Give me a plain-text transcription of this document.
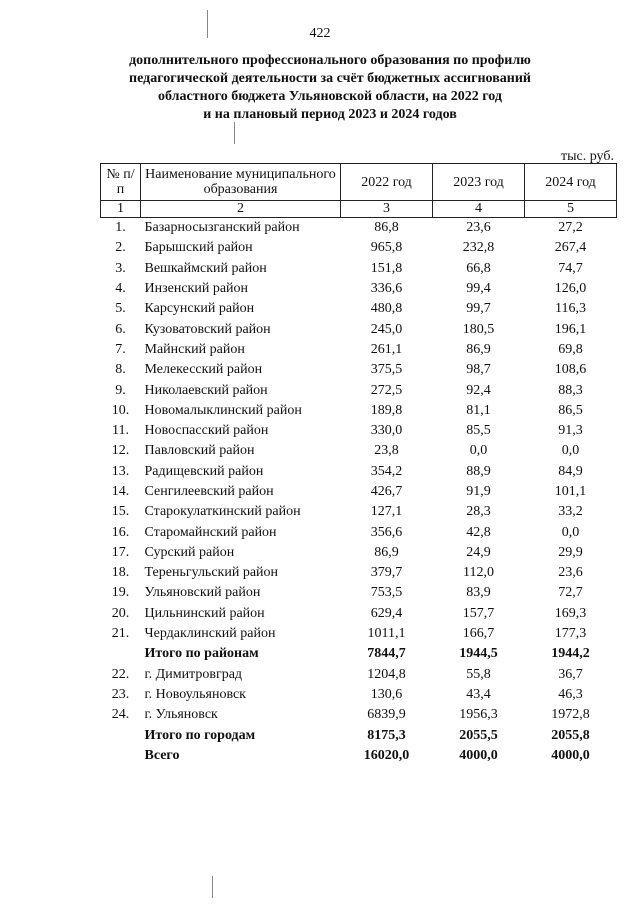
422
дополнительного профессионального образования по профилю
педагогической деятельности за счёт бюджетных ассигнований
областного бюджета Ульяновской области, на 2022 год
и на плановый период 2023 и 2024 годов
тыс. руб.
№ п/п	Наименование муниципального образования	2022 год	2023 год	2024 год
1	2	3	4	5
1.	Базарносызганский район	86,8	23,6	27,2
2.	Барышский район	965,8	232,8	267,4
3.	Вешкаймский район	151,8	66,8	74,7
4.	Инзенский район	336,6	99,4	126,0
5.	Карсунский район	480,8	99,7	116,3
6.	Кузоватовский район	245,0	180,5	196,1
7.	Майнский район	261,1	86,9	69,8
8.	Мелекесский район	375,5	98,7	108,6
9.	Николаевский район	272,5	92,4	88,3
10.	Новомалыклинский район	189,8	81,1	86,5
11.	Новоспасский район	330,0	85,5	91,3
12.	Павловский район	23,8	0,0	0,0
13.	Радищевский район	354,2	88,9	84,9
14.	Сенгилеевский район	426,7	91,9	101,1
15.	Старокулаткинский район	127,1	28,3	33,2
16.	Старомайнский район	356,6	42,8	0,0
17.	Сурский район	86,9	24,9	29,9
18.	Тереньгульский район	379,7	112,0	23,6
19.	Ульяновский район	753,5	83,9	72,7
20.	Цильнинский район	629,4	157,7	169,3
21.	Чердаклинский район	1011,1	166,7	177,3
	Итого по районам	7844,7	1944,5	1944,2
22.	г. Димитровград	1204,8	55,8	36,7
23.	г. Новоульяновск	130,6	43,4	46,3
24.	г. Ульяновск	6839,9	1956,3	1972,8
	Итого по городам	8175,3	2055,5	2055,8
	Всего	16020,0	4000,0	4000,0
